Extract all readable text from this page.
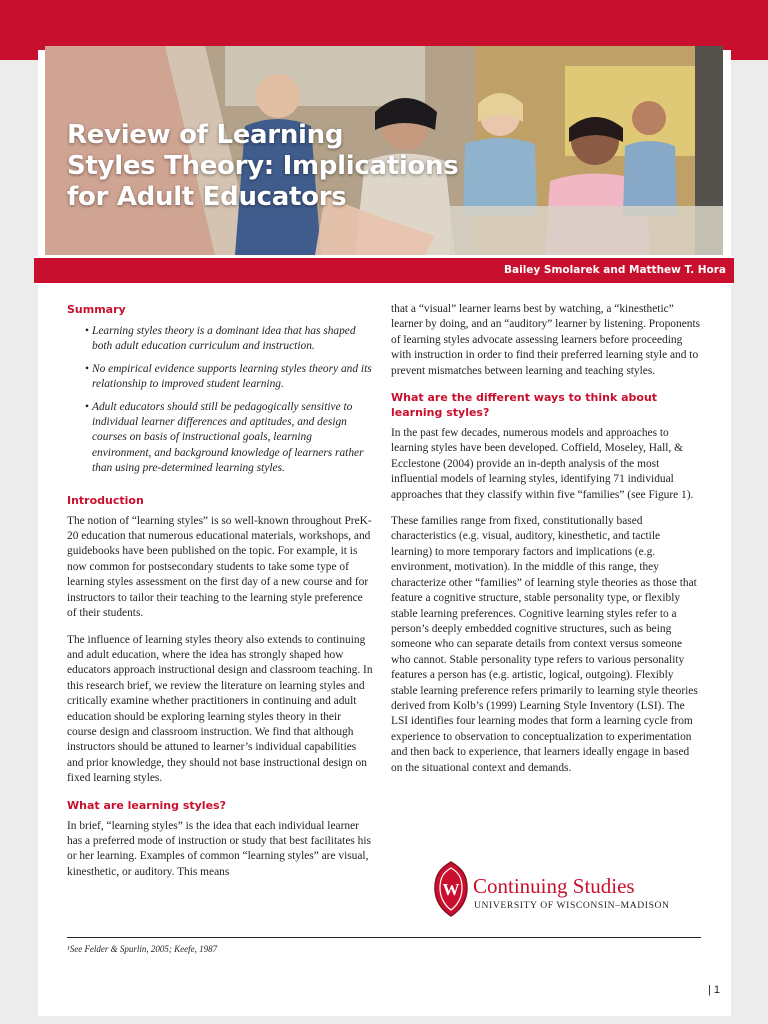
Review of Learning
Styles Theory: Implications
for Adult Educators
Bailey Smolarek and Matthew T. Hora
Summary
• Learning styles theory is a dominant idea that has shaped both adult education curriculum and instruction.
• No empirical evidence supports learning styles theory and its relationship to improved student learning.
• Adult educators should still be pedagogically sensitive to individual learner differences and aptitudes, and design courses on basis of instructional goals, learning environment, and background knowledge of learners rather than using pre-determined learning styles.
Introduction

The notion of “learning styles” is so well-known throughout PreK-20 education that numerous educational materials, workshops, and guidebooks have been published on the topic. For example, it is now common for postsecondary students to take some type of learning styles assessment on the first day of a new course and for instructors to tailor their teaching to the learning style preference of their students.

The influence of learning styles theory also extends to continuing and adult education, where the idea has strongly shaped how educators approach instructional design and classroom teaching. In this research brief, we review the literature on learning styles and critically examine whether practitioners in continuing and adult education should be exploring learning styles theory in their course design and classroom instruction. We find that although instructors should be attuned to learner’s individual capabilities and prior knowledge, they should not base instructional design on fixed learning styles.

What are learning styles?

In brief, “learning styles” is the idea that each individual learner has a preferred mode of instruction or study that best facilitates his or her learning. Examples of common “learning styles” are visual, kinesthetic, or auditory. This means

that a “visual” learner learns best by watching, a “kinesthetic” learner by doing, and an “auditory” learner by listening. Proponents of learning styles advocate assessing learners before proceeding with instruction in order to find their preferred learning style and to prevent mismatches between learning and teaching styles.

What are the different ways to think about learning styles?

In the past few decades, numerous models and approaches to learning styles have been developed. Coffield, Moseley, Hall, & Ecclestone (2004) provide an in-depth analysis of the most influential models of learning styles, identifying 71 individual approaches that they classify within five “families” (see Figure 1).

These families range from fixed, constitutionally based characteristics (e.g. visual, auditory, kinesthetic, and tactile learning) to more temporary factors and implications (e.g. environment, motivation). In the middle of this range, they characterize other “families” of learning style theories as those that feature a cognitive structure, stable personality type, or flexibly stable learning preferences. Cognitive learning styles refer to a person’s deeply embedded cognitive structures, such as being someone who can separate details from context versus someone who cannot. Stable personality type refers to various personality features a person has (e.g. artistic, logical, outgoing). Flexibly stable learning preference refers primarily to learning style theories derived from Kolb’s (1999) Learning Style Inventory (LSI). The LSI identifies four learning modes that form a learning cycle from experience to observation to conceptualization to experimentation and then back to experience, that learners ideally engage in based on the situational context and demands.

W Continuing Studies
UNIVERSITY OF WISCONSIN–MADISON
¹See Felder & Spurlin, 2005; Keefe, 1987
| 1
